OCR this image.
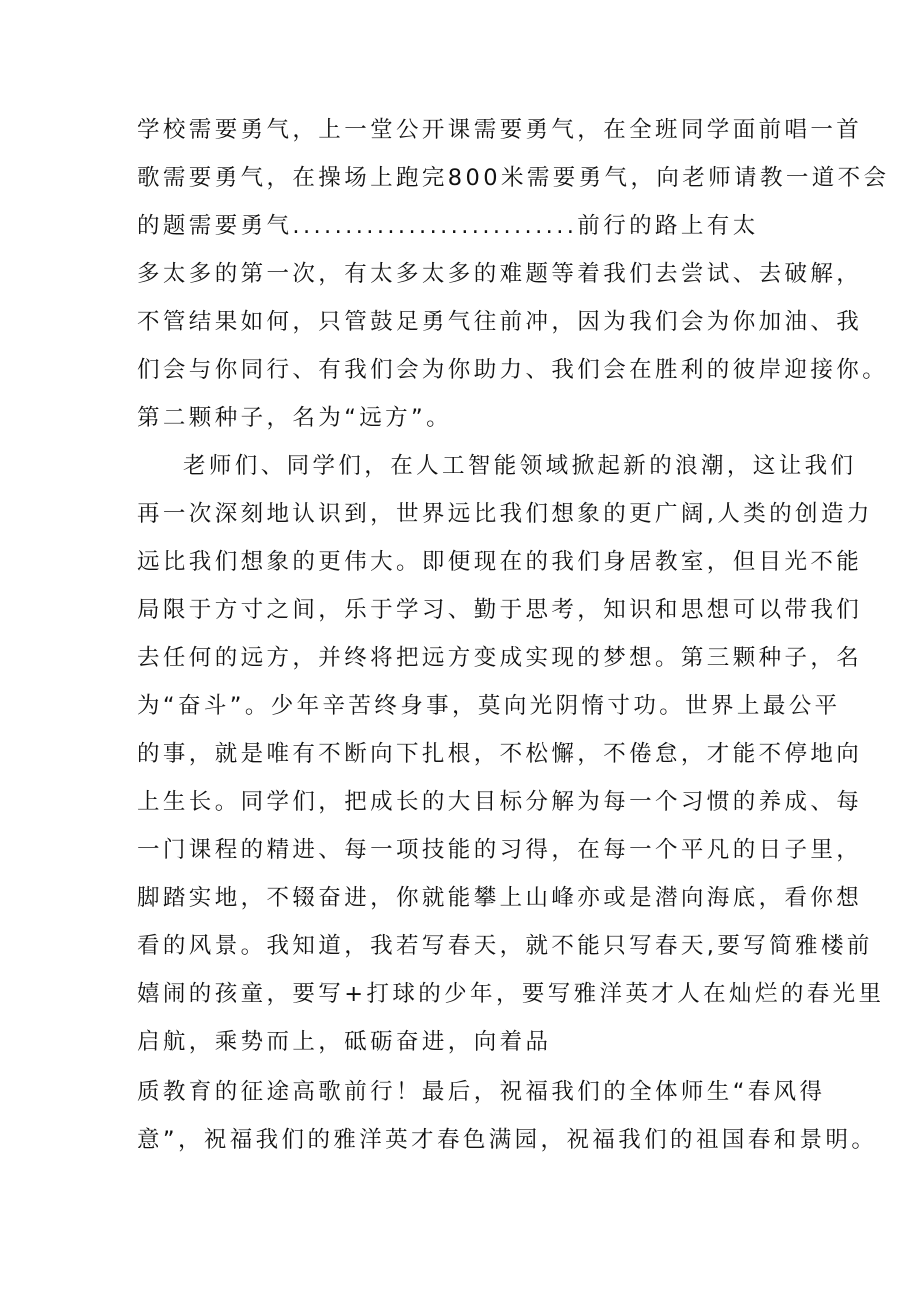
学校需要勇气，上一堂公开课需要勇气，在全班同学面前唱一首
歌需要勇气，在操场上跑完800米需要勇气，向老师请教一道不会
的题需要勇气...........................前行的路上有太
多太多的第一次，有太多太多的难题等着我们去尝试、去破解，
不管结果如何，只管鼓足勇气往前冲，因为我们会为你加油、我
们会与你同行、有我们会为你助力、我们会在胜利的彼岸迎接你。
第二颗种子，名为“远方”。
老师们、同学们，在人工智能领域掀起新的浪潮，这让我们
再一次深刻地认识到，世界远比我们想象的更广阔,人类的创造力
远比我们想象的更伟大。即便现在的我们身居教室，但目光不能
局限于方寸之间，乐于学习、勤于思考，知识和思想可以带我们
去任何的远方，并终将把远方变成实现的梦想。第三颗种子，名
为“奋斗”。少年辛苦终身事，莫向光阴惰寸功。世界上最公平
的事，就是唯有不断向下扎根，不松懈，不倦怠，才能不停地向
上生长。同学们，把成长的大目标分解为每一个习惯的养成、每
一门课程的精进、每一项技能的习得，在每一个平凡的日子里，
脚踏实地，不辍奋进，你就能攀上山峰亦或是潜向海底，看你想
看的风景。我知道，我若写春天，就不能只写春天,要写简雅楼前
嬉闹的孩童，要写+打球的少年，要写雅洋英才人在灿烂的春光里
启航，乘势而上，砥砺奋进，向着品
质教育的征途高歌前行！最后，祝福我们的全体师生“春风得
意”，祝福我们的雅洋英才春色满园，祝福我们的祖国春和景明。
